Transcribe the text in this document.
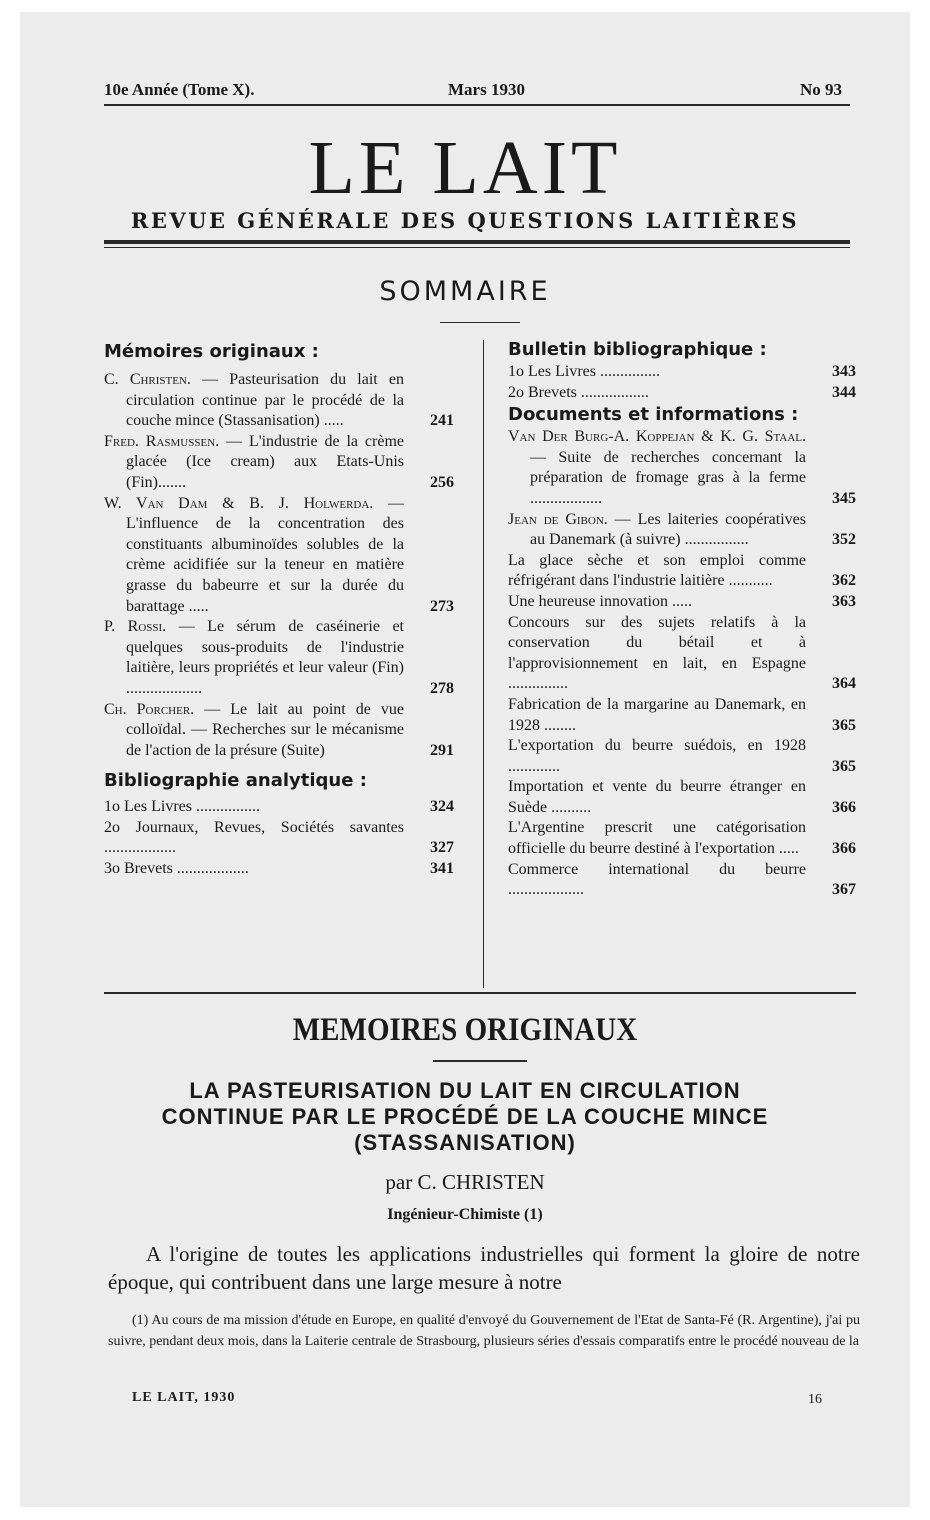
10e Année (Tome X).	Mars 1930	No 93
LE LAIT
REVUE GÉNÉRALE DES QUESTIONS LAITIÈRES
SOMMAIRE
Mémoires originaux :
C. Christen. — Pasteurisation du lait en circulation continue par le procédé de la couche mince (Stassanisation) .....	241
Fred. Rasmussen. — L'industrie de la crème glacée (Ice cream) aux Etats-Unis (Fin).......	256
W. Van Dam & B. J. Holwerda. — L'influence de la concentration des constituants albuminoïdes solubles de la crème acidifiée sur la teneur en matière grasse du babeurre et sur la durée du barattage .....	273
P. Rossi. — Le sérum de caséinerie et quelques sous-produits de l'industrie laitière, leurs propriétés et leur valeur (Fin) ...................	278
Ch. Porcher. — Le lait au point de vue colloïdal. — Recherches sur le mécanisme de l'action de la présure (Suite)	291
Bibliographie analytique :
1o Les Livres ................	324
2o Journaux, Revues, Sociétés savantes ..................	327
3o Brevets ..................	341
Bulletin bibliographique :
1o Les Livres ...............	343
2o Brevets .................	344
Documents et informations :
Van Der Burg-A. Koppejan & K. G. Staal. — Suite de recherches concernant la préparation de fromage gras à la ferme ..................	345
Jean de Gibon. — Les laiteries coopératives au Danemark (à suivre) ................	352
La glace sèche et son emploi comme réfrigérant dans l'industrie laitière ...........	362
Une heureuse innovation .....	363
Concours sur des sujets relatifs à la conservation du bétail et à l'approvisionnement en lait, en Espagne ...............	364
Fabrication de la margarine au Danemark, en 1928 ........	365
L'exportation du beurre suédois, en 1928 .............	365
Importation et vente du beurre étranger en Suède ..........	366
L'Argentine prescrit une catégorisation officielle du beurre destiné à l'exportation .....	366
Commerce international du beurre ...................	367
MEMOIRES ORIGINAUX
LA PASTEURISATION DU LAIT EN CIRCULATION
CONTINUE PAR LE PROCÉDÉ DE LA COUCHE MINCE
(STASSANISATION)
par C. CHRISTEN
Ingénieur-Chimiste (1)
A l'origine de toutes les applications industrielles qui forment la gloire de notre époque, qui contribuent dans une large mesure à notre
(1) Au cours de ma mission d'étude en Europe, en qualité d'envoyé du Gouvernement de l'Etat de Santa-Fé (R. Argentine), j'ai pu suivre, pendant deux mois, dans la Laiterie centrale de Strasbourg, plusieurs séries d'essais comparatifs entre le procédé nouveau de la
LE LAIT, 1930	16
